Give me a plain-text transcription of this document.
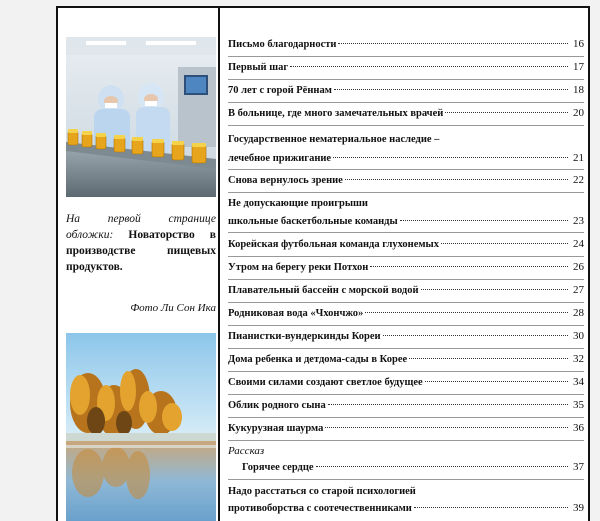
На первой странице обложки: Новаторство в производстве пищевых продуктов.
Фото Ли Сон Ика
Письмо благодарности	16
Первый шаг	17
70 лет с горой Рённам	18
В больнице, где много замечательных врачей	20
Государственное нематериальное наследие –
лечебное прижигание	21
Снова вернулось зрение	22
Не допускающие проигрыши
школьные баскетбольные команды	23
Корейская футбольная команда глухонемых	24
Утром на берегу реки Потхон	26
Плавательный бассейн с морской водой	27
Родниковая вода «Чхончжо»	28
Пианистки-вундеркинды Кореи	30
Дома ребенка и детдома-сады в Корее	32
Своими силами создают светлое будущее	34
Облик родного сына	35
Кукурузная шаурма	36
Рассказ
Горячее сердце	37
Надо расстаться со старой психологией
противоборства с соотечественниками	39
